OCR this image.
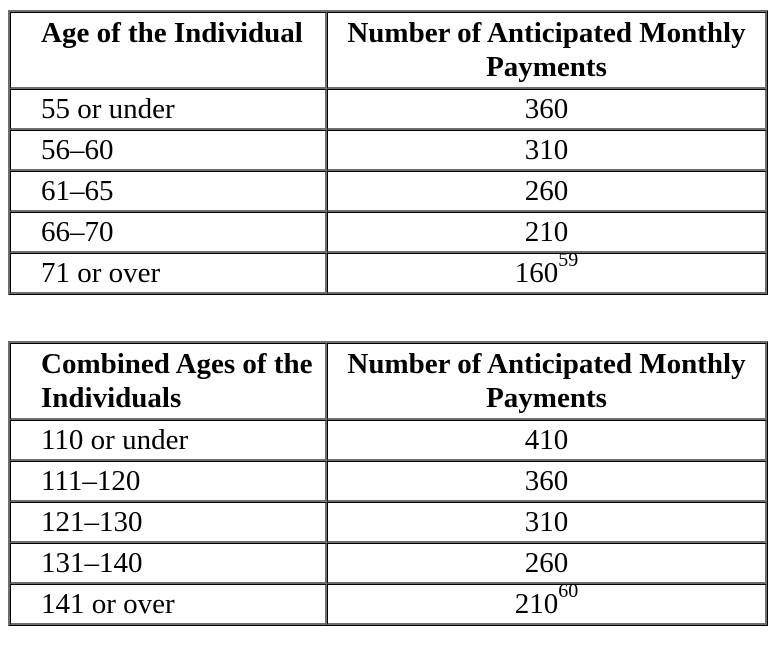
Age of the Individual	Number of Anticipated Monthly Payments
55 or under	360
56–60	310
61–65	260
66–70	210
71 or over	160$^{59}$
Combined Ages of the Individuals	Number of Anticipated Monthly Payments
110 or under	410
111–120	360
121–130	310
131–140	260
141 or over	210$^{60}$
